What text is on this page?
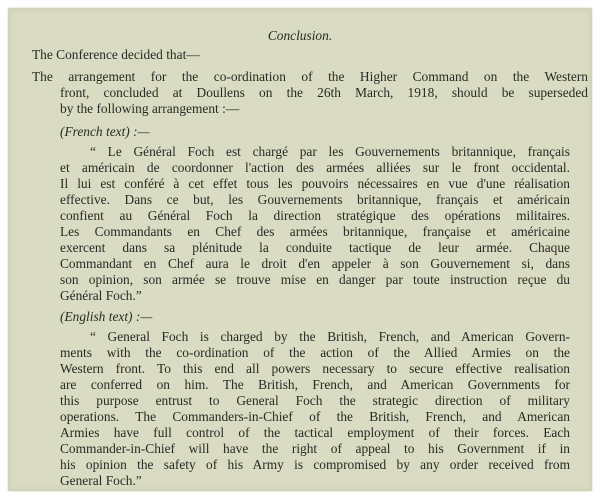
Conclusion.
The Conference decided that—
The arrangement for the co-ordination of the Higher Command on the Western
front, concluded at Doullens on the 26th March, 1918, should be superseded
by the following arrangement :—
(French text) :—
“ Le Général Foch est chargé par les Gouvernements britannique, français
et américain de coordonner l'action des armées alliées sur le front occidental.
Il lui est conféré à cet effet tous les pouvoirs nécessaires en vue d'une réalisation
effective. Dans ce but, les Gouvernements britannique, français et américain
confient au Général Foch la direction stratégique des opérations militaires.
Les Commandants en Chef des armées britannique, française et américaine
exercent dans sa plénitude la conduite tactique de leur armée. Chaque
Commandant en Chef aura le droit d'en appeler à son Gouvernement si, dans
son opinion, son armée se trouve mise en danger par toute instruction reçue du
Général Foch.”
(English text) :—
“ General Foch is charged by the British, French, and American Govern-
ments with the co-ordination of the action of the Allied Armies on the
Western front. To this end all powers necessary to secure effective realisation
are conferred on him. The British, French, and American Governments for
this purpose entrust to General Foch the strategic direction of military
operations. The Commanders-in-Chief of the British, French, and American
Armies have full control of the tactical employment of their forces. Each
Commander-in-Chief will have the right of appeal to his Government if in
his opinion the safety of his Army is compromised by any order received from
General Foch.”
